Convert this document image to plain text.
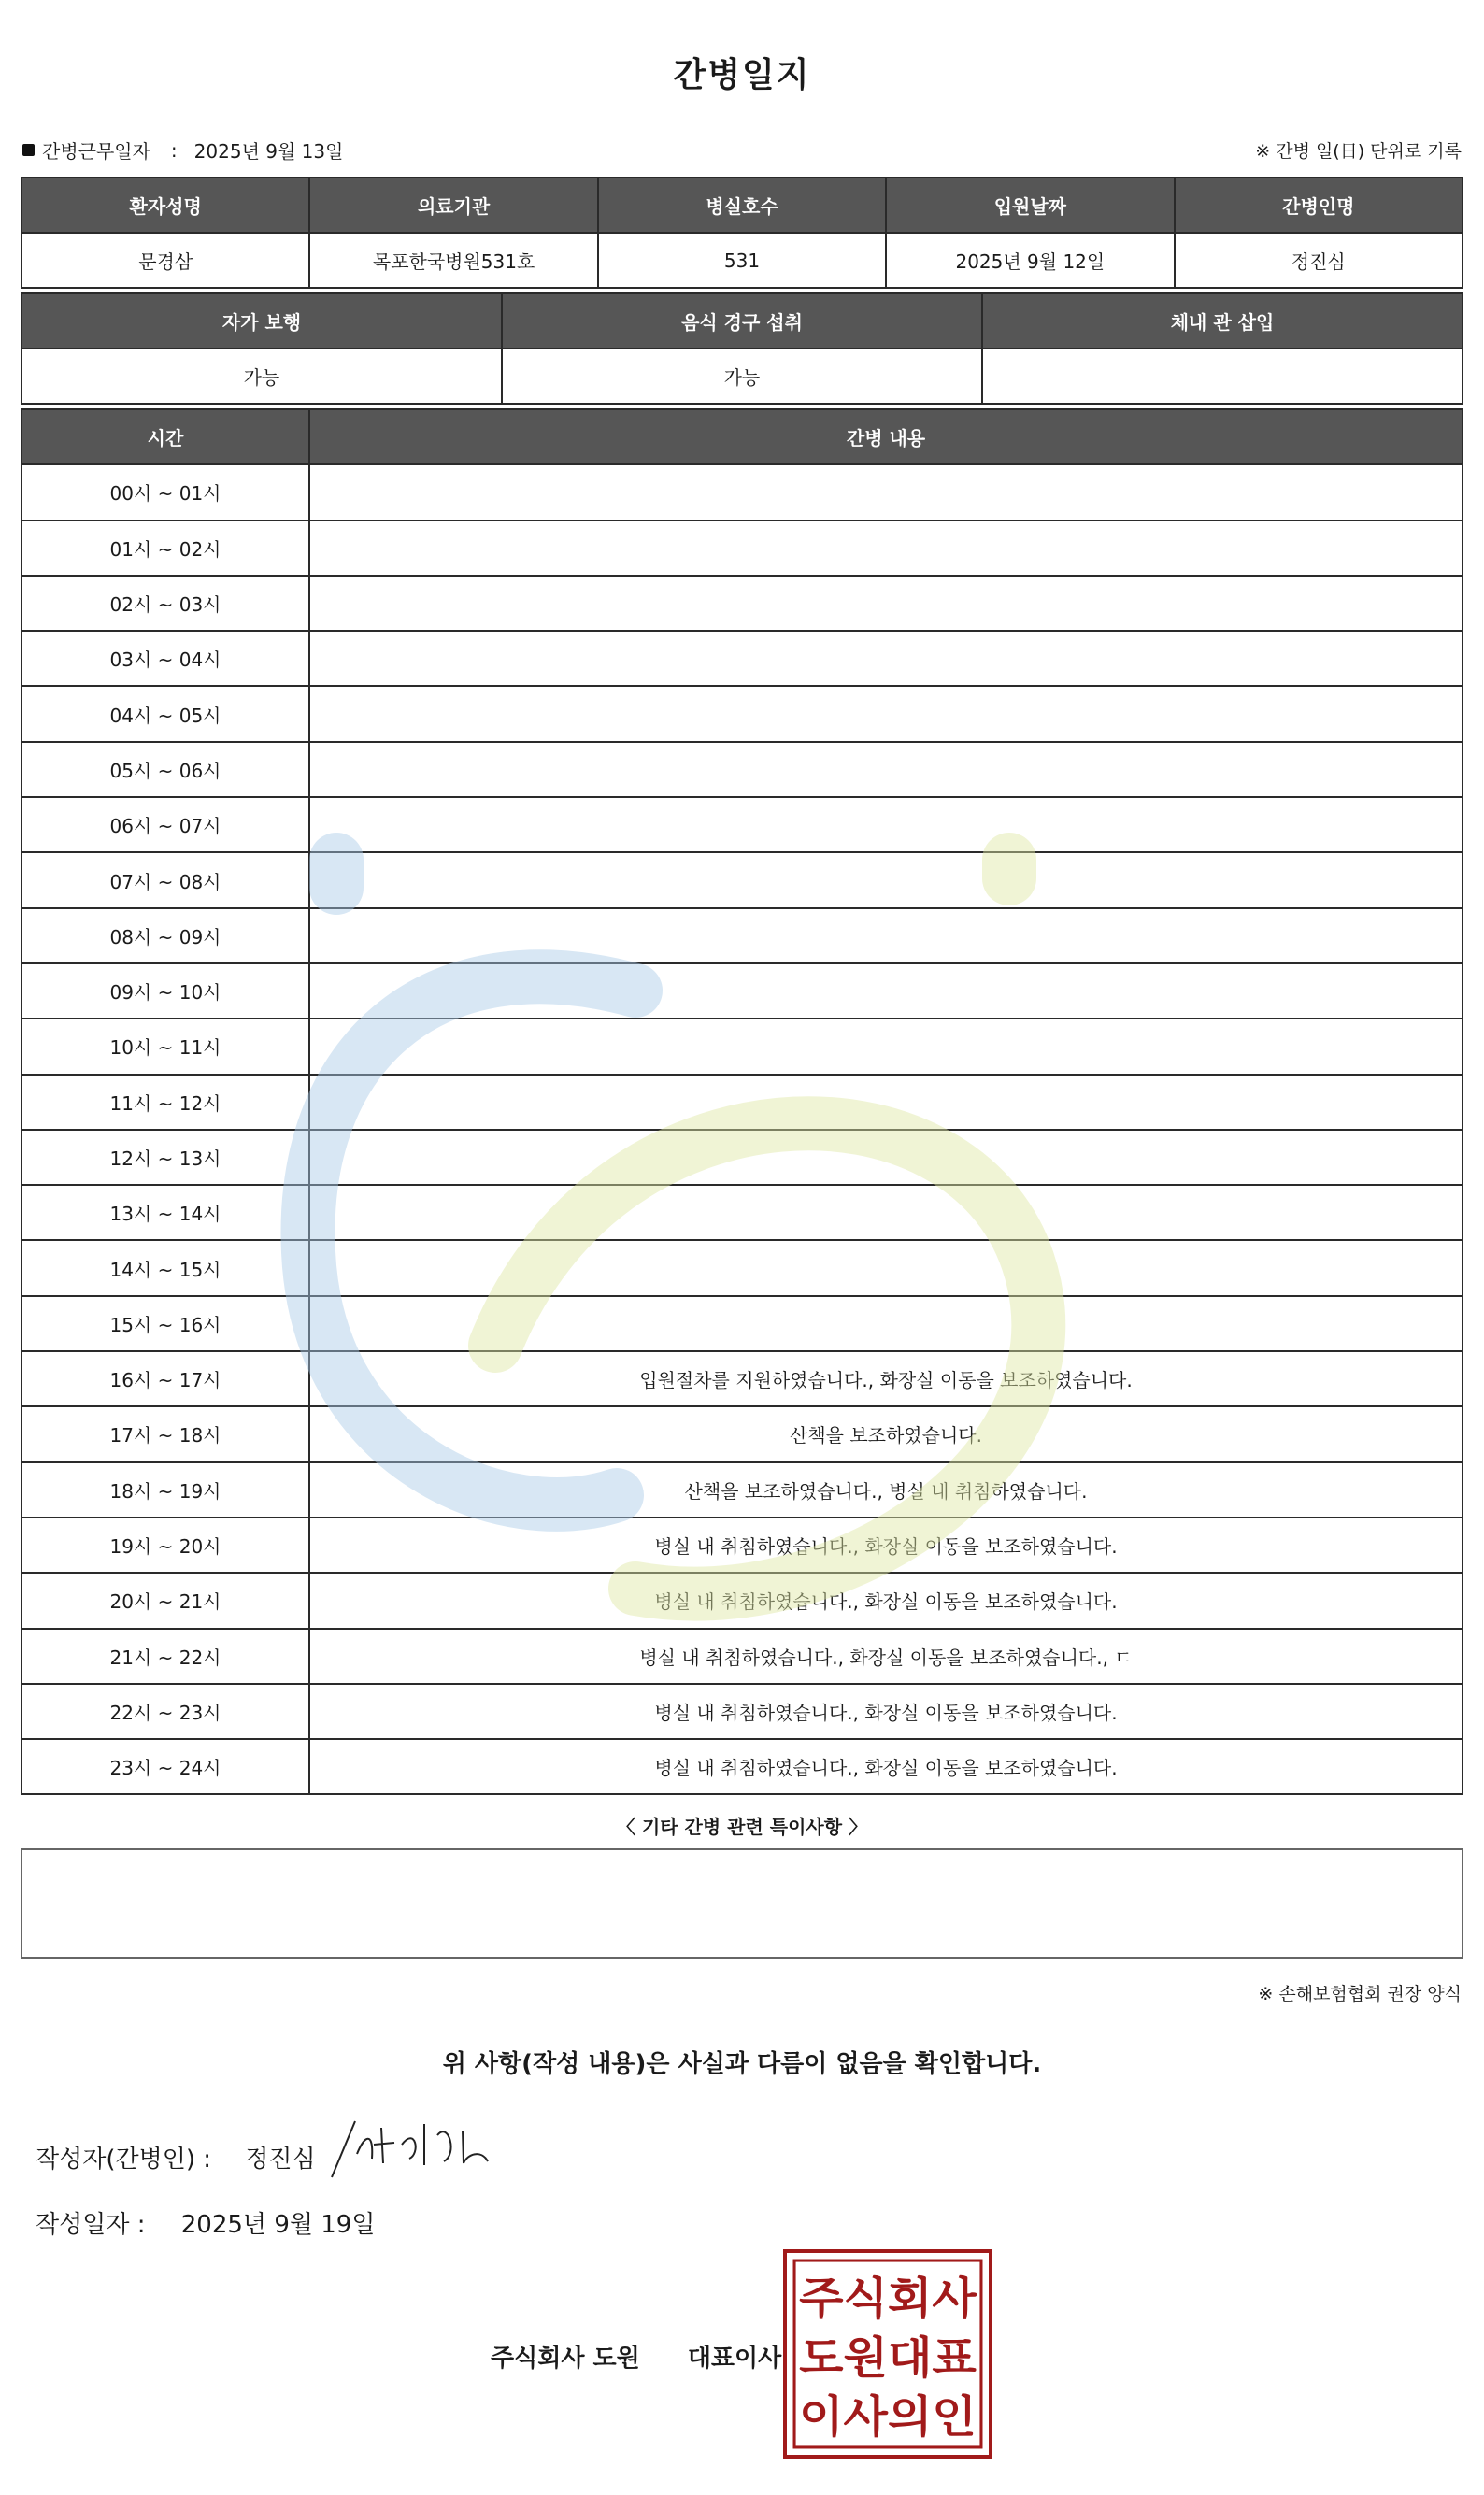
간병일지
간병근무일자 : 2025년 9월 13일	※ 간병 일(日) 단위로 기록
환자성명	의료기관	병실호수	입원날짜	간병인명
문경삼	목포한국병원531호	531	2025년 9월 12일	정진심
자가 보행	음식 경구 섭취	체내 관 삽입
가능	가능	
시간	간병 내용
00시 ~ 01시	
01시 ~ 02시	
02시 ~ 03시	
03시 ~ 04시	
04시 ~ 05시	
05시 ~ 06시	
06시 ~ 07시	
07시 ~ 08시	
08시 ~ 09시	
09시 ~ 10시	
10시 ~ 11시	
11시 ~ 12시	
12시 ~ 13시	
13시 ~ 14시	
14시 ~ 15시	
15시 ~ 16시	
16시 ~ 17시	입원절차를 지원하였습니다., 화장실 이동을 보조하였습니다.
17시 ~ 18시	산책을 보조하였습니다.
18시 ~ 19시	산책을 보조하였습니다., 병실 내 취침하였습니다.
19시 ~ 20시	병실 내 취침하였습니다., 화장실 이동을 보조하였습니다.
20시 ~ 21시	병실 내 취침하였습니다., 화장실 이동을 보조하였습니다.
21시 ~ 22시	병실 내 취침하였습니다., 화장실 이동을 보조하였습니다., ㄷ
22시 ~ 23시	병실 내 취침하였습니다., 화장실 이동을 보조하였습니다.
23시 ~ 24시	병실 내 취침하였습니다., 화장실 이동을 보조하였습니다.
〈 기타 간병 관련 특이사항 〉
※ 손해보험협회 권장 양식
위 사항(작성 내용)은 사실과 다름이 없음을 확인합니다.
작성자(간병인) : 정진심
작성일자 : 2025년 9월 19일
주식회사 도원 대표이사
주식회사
도원대표
이사의인
